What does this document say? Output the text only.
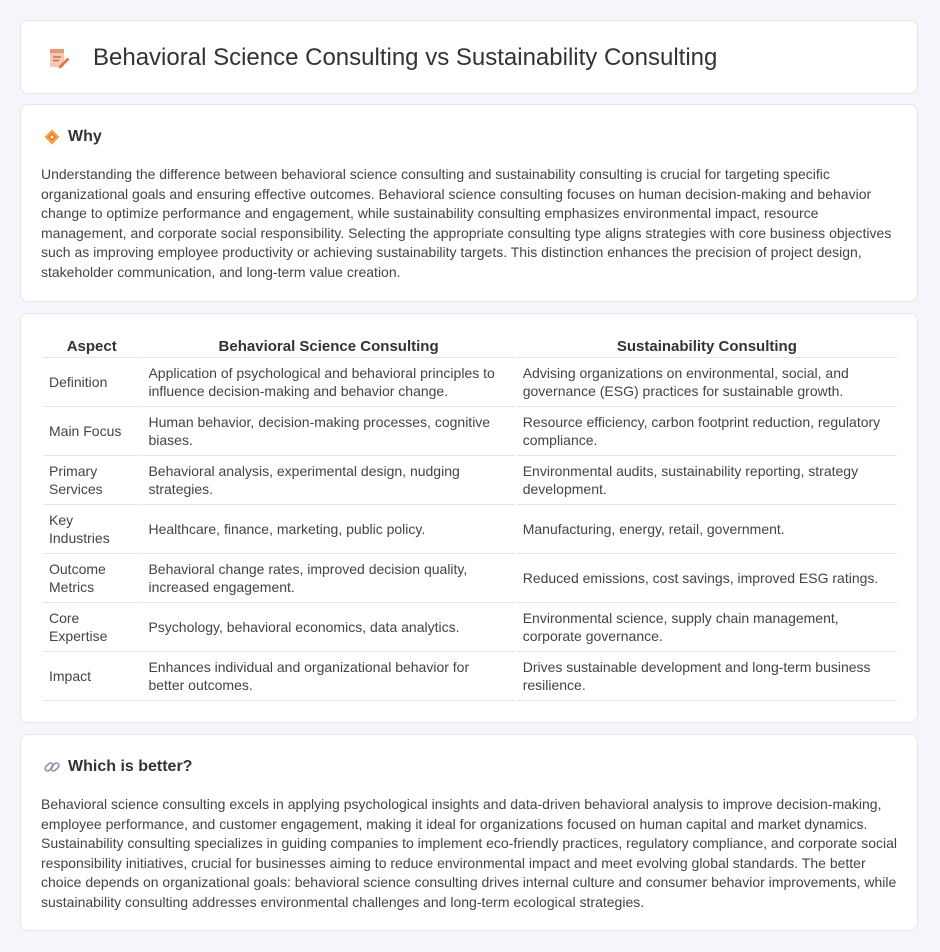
Behavioral Science Consulting vs Sustainability Consulting
Why

Understanding the difference between behavioral science consulting and sustainability consulting is crucial for targeting specific organizational goals and ensuring effective outcomes. Behavioral science consulting focuses on human decision-making and behavior change to optimize performance and engagement, while sustainability consulting emphasizes environmental impact, resource management, and corporate social responsibility. Selecting the appropriate consulting type aligns strategies with core business objectives such as improving employee productivity or achieving sustainability targets. This distinction enhances the precision of project design, stakeholder communication, and long-term value creation.

Aspect	Behavioral Science Consulting	Sustainability Consulting
Definition	Application of psychological and behavioral principles to influence decision-making and behavior change.	Advising organizations on environmental, social, and governance (ESG) practices for sustainable growth.
Main Focus	Human behavior, decision-making processes, cognitive biases.	Resource efficiency, carbon footprint reduction, regulatory compliance.
Primary Services	Behavioral analysis, experimental design, nudging strategies.	Environmental audits, sustainability reporting, strategy development.
Key Industries	Healthcare, finance, marketing, public policy.	Manufacturing, energy, retail, government.
Outcome Metrics	Behavioral change rates, improved decision quality, increased engagement.	Reduced emissions, cost savings, improved ESG ratings.
Core Expertise	Psychology, behavioral economics, data analytics.	Environmental science, supply chain management, corporate governance.
Impact	Enhances individual and organizational behavior for better outcomes.	Drives sustainable development and long-term business resilience.
Which is better?

Behavioral science consulting excels in applying psychological insights and data-driven behavioral analysis to improve decision-making, employee performance, and customer engagement, making it ideal for organizations focused on human capital and market dynamics. Sustainability consulting specializes in guiding companies to implement eco-friendly practices, regulatory compliance, and corporate social responsibility initiatives, crucial for businesses aiming to reduce environmental impact and meet evolving global standards. The better choice depends on organizational goals: behavioral science consulting drives internal culture and consumer behavior improvements, while sustainability consulting addresses environmental challenges and long-term ecological strategies.
